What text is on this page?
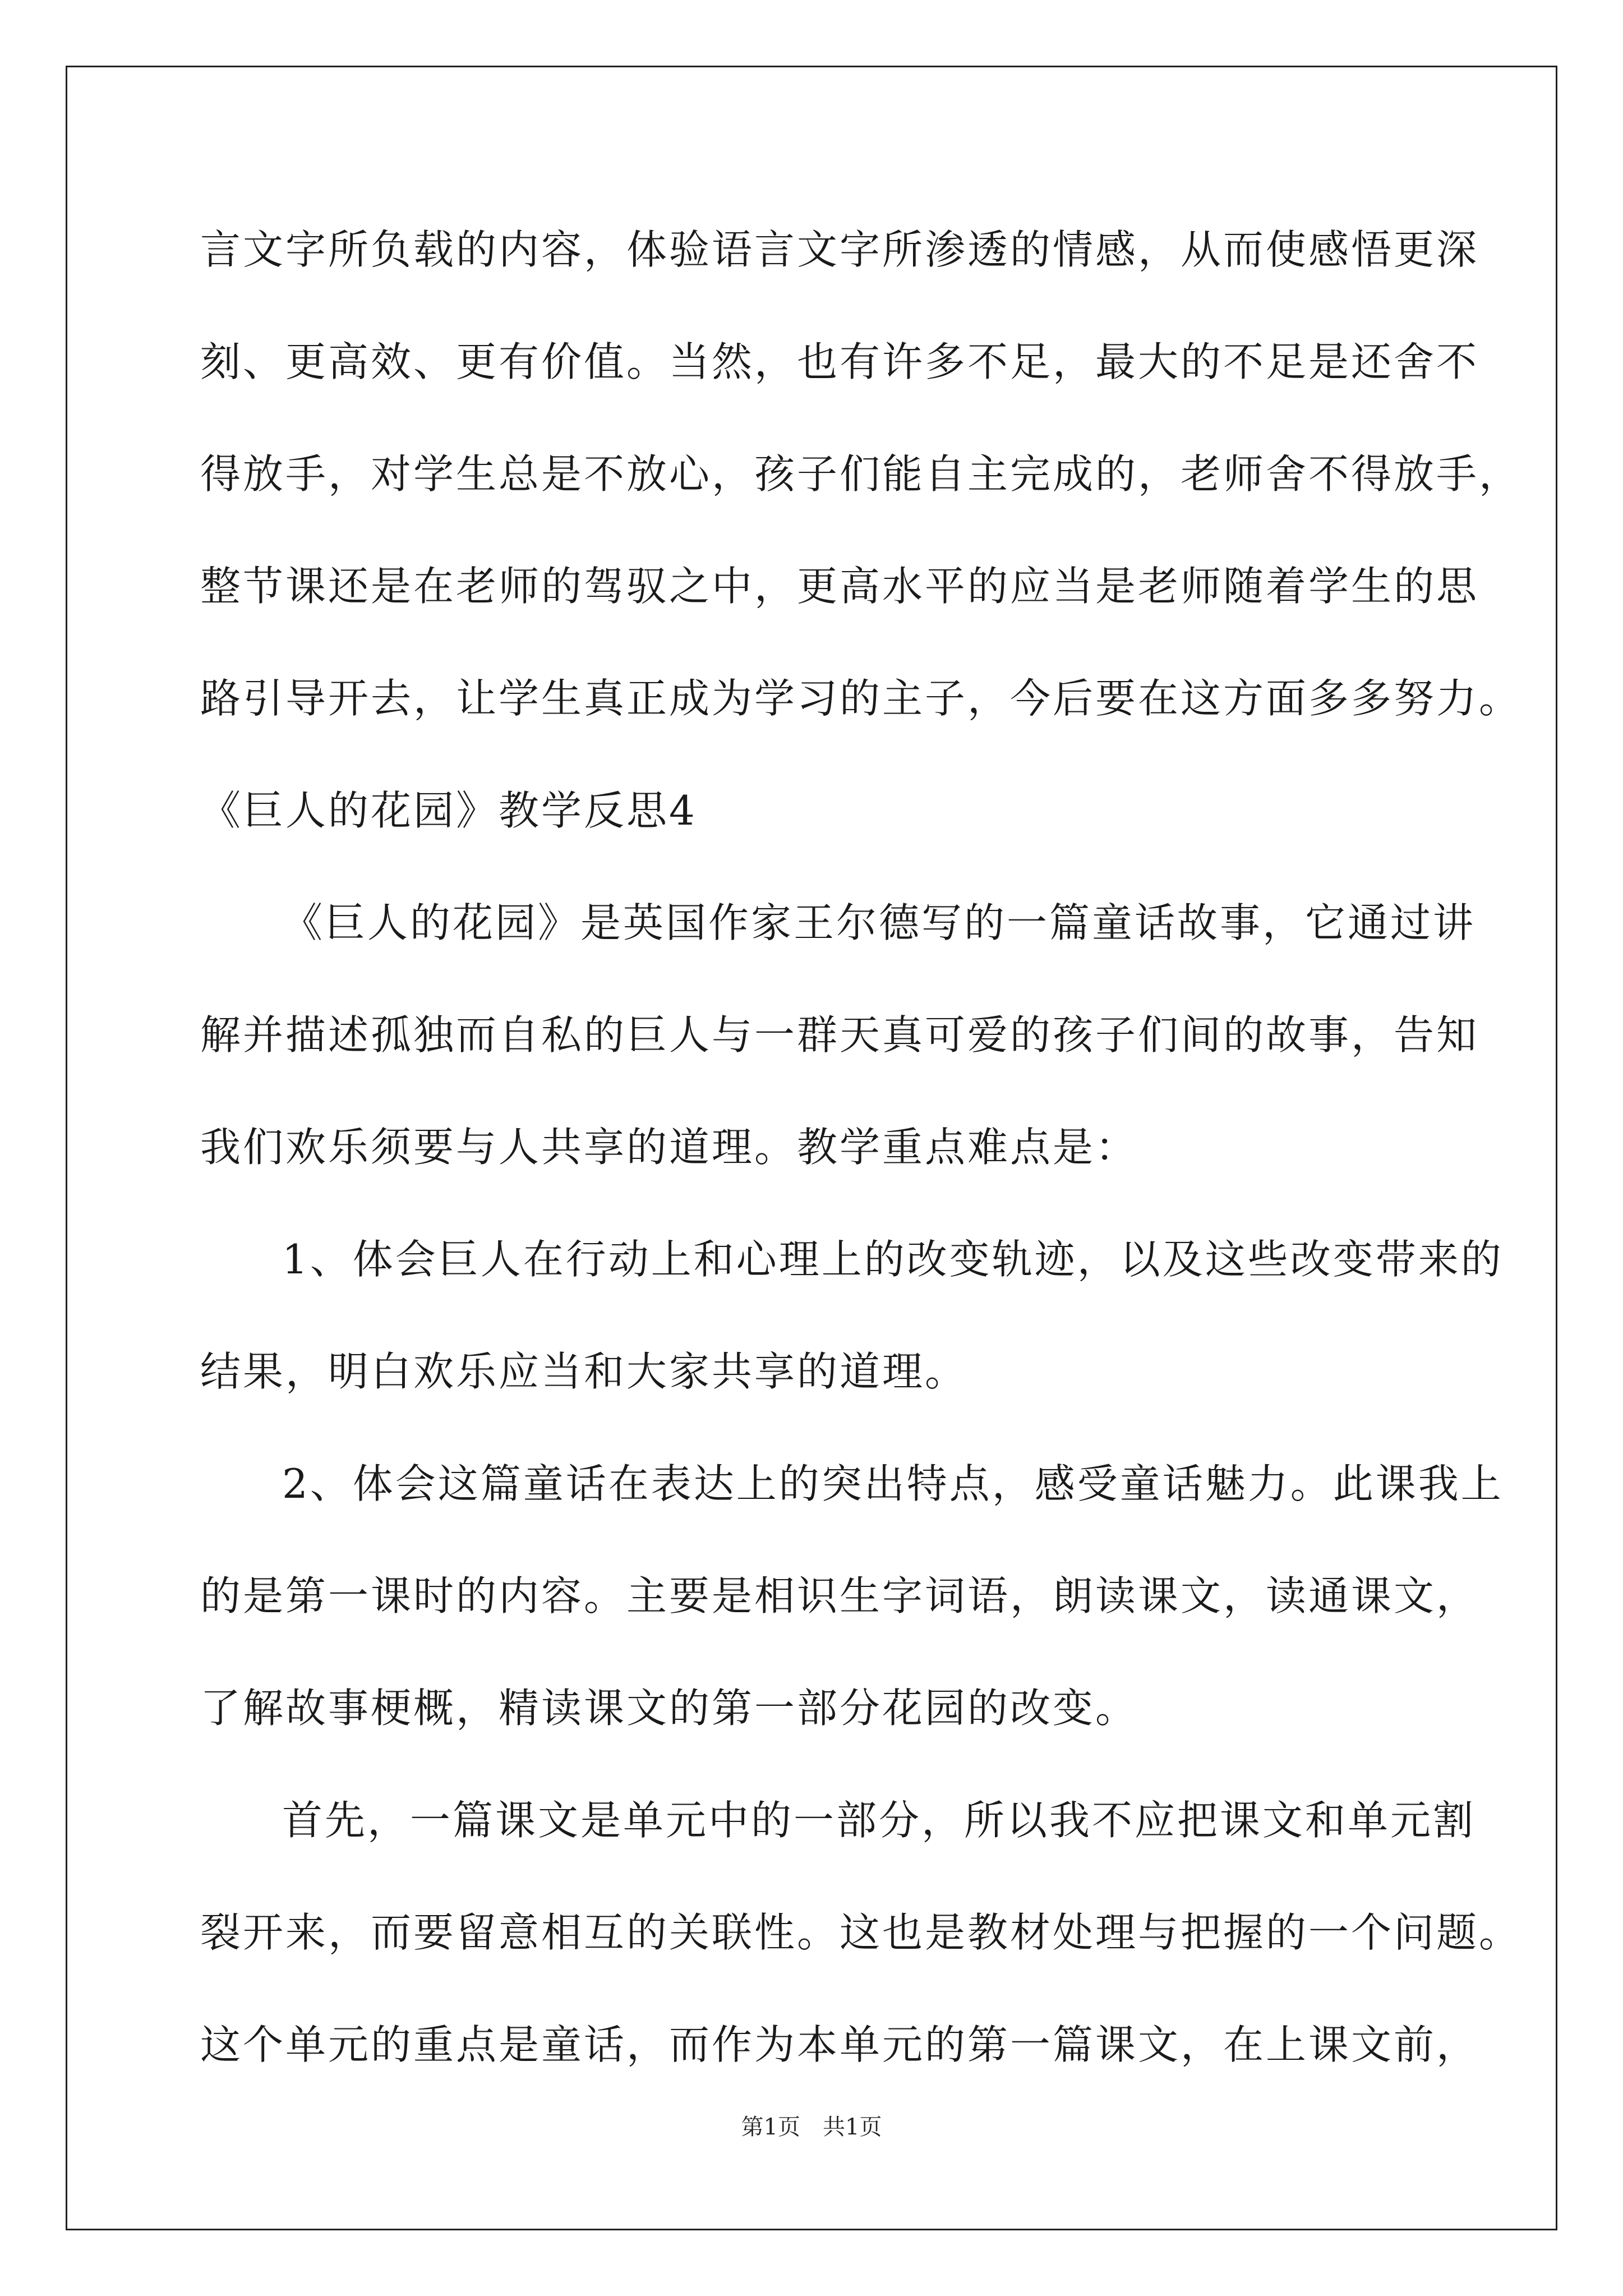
言文字所负载的内容，体验语言文字所渗透的情感，从而使感悟更深
刻、更高效、更有价值。当然，也有许多不足，最大的不足是还舍不
得放手，对学生总是不放心，孩子们能自主完成的，老师舍不得放手，
整节课还是在老师的驾驭之中，更高水平的应当是老师随着学生的思
路引导开去，让学生真正成为学习的主子，今后要在这方面多多努力。
《巨人的花园》教学反思4
《巨人的花园》是英国作家王尔德写的一篇童话故事，它通过讲
解并描述孤独而自私的巨人与一群天真可爱的孩子们间的故事，告知
我们欢乐须要与人共享的道理。教学重点难点是：
1、体会巨人在行动上和心理上的改变轨迹，以及这些改变带来的
结果，明白欢乐应当和大家共享的道理。
2、体会这篇童话在表达上的突出特点，感受童话魅力。此课我上
的是第一课时的内容。主要是相识生字词语，朗读课文，读通课文，
了解故事梗概，精读课文的第一部分花园的改变。
首先，一篇课文是单元中的一部分，所以我不应把课文和单元割
裂开来，而要留意相互的关联性。这也是教材处理与把握的一个问题。
这个单元的重点是童话，而作为本单元的第一篇课文，在上课文前，
第1页　共1页
